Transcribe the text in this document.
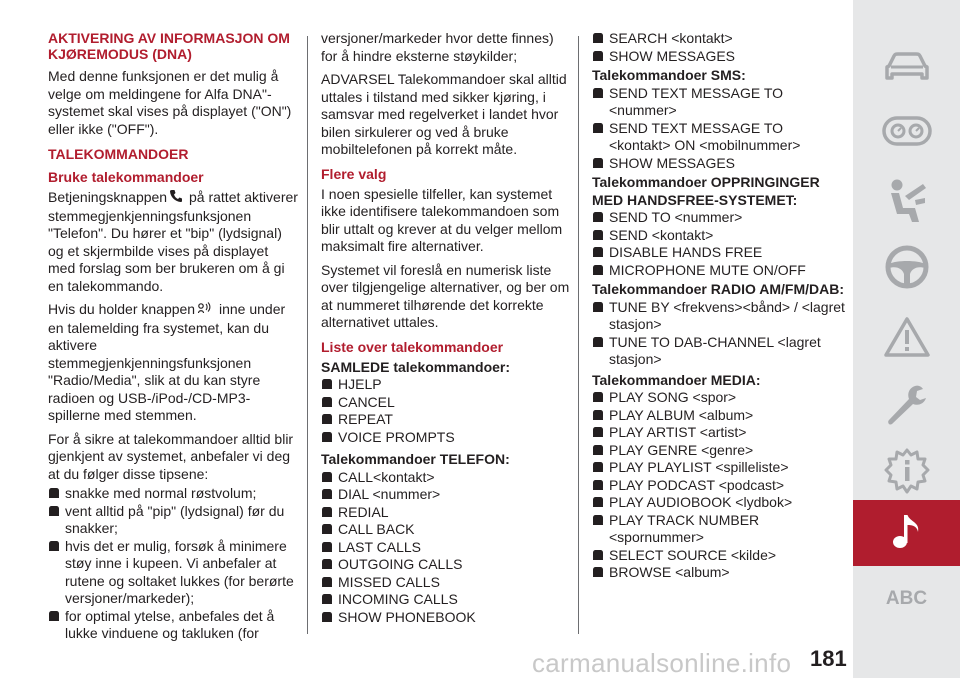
AKTIVERING AV INFORMASJON OM KJØREMODUS (DNA)
Med denne funksjonen er det mulig å velge om meldingene for Alfa DNA"-systemet skal vises på displayet ("ON") eller ikke ("OFF").
TALEKOMMANDOER
Bruke talekommandoer
Betjeningsknappen på rattet aktiverer stemmegjenkjenningsfunksjonen "Telefon". Du hører et "bip" (lydsignal) og et skjermbilde vises på displayet med forslag som ber brukeren om å gi en talekommando.
Hvis du holder knappen inne under en talemelding fra systemet, kan du aktivere stemmegjenkjenningsfunksjonen "Radio/Media", slik at du kan styre radioen og USB-/iPod-/CD-MP3-spillerne med stemmen.
For å sikre at talekommandoer alltid blir gjenkjent av systemet, anbefaler vi deg at du følger disse tipsene:
snakke med normal røstvolum;
vent alltid på "pip" (lydsignal) før du snakker;
hvis det er mulig, forsøk å minimere støy inne i kupeen. Vi anbefaler at rutene og soltaket lukkes (for berørte versjoner/markeder);
for optimal ytelse, anbefales det å lukke vinduene og takluken (for
versjoner/markeder hvor dette finnes) for å hindre eksterne støykilder;
ADVARSEL Talekommandoer skal alltid uttales i tilstand med sikker kjøring, i samsvar med regelverket i landet hvor bilen sirkulerer og ved å bruke mobiltelefonen på korrekt måte.
Flere valg
I noen spesielle tilfeller, kan systemet ikke identifisere talekommandoen som blir uttalt og krever at du velger mellom maksimalt fire alternativer.
Systemet vil foreslå en numerisk liste over tilgjengelige alternativer, og ber om at nummeret tilhørende det korrekte alternativet uttales.
Liste over talekommandoer
SAMLEDE talekommandoer:
HJELP
CANCEL
REPEAT
VOICE PROMPTS
Talekommandoer TELEFON:
CALL<kontakt>
DIAL <nummer>
REDIAL
CALL BACK
LAST CALLS
OUTGOING CALLS
MISSED CALLS
INCOMING CALLS
SHOW PHONEBOOK
SEARCH <kontakt>
SHOW MESSAGES
Talekommandoer SMS:
SEND TEXT MESSAGE TO <nummer>
SEND TEXT MESSAGE TO <kontakt> ON <mobilnummer>
SHOW MESSAGES
Talekommandoer OPPRINGINGER MED HANDSFREE-SYSTEMET:
SEND TO <nummer>
SEND <kontakt>
DISABLE HANDS FREE
MICROPHONE MUTE ON/OFF
Talekommandoer RADIO AM/FM/DAB:
TUNE BY <frekvens><bånd> / <lagret stasjon>
TUNE TO DAB-CHANNEL <lagret stasjon>
Talekommandoer MEDIA:
PLAY SONG <spor>
PLAY ALBUM <album>
PLAY ARTIST <artist>
PLAY GENRE <genre>
PLAY PLAYLIST <spilleliste>
PLAY PODCAST <podcast>
PLAY AUDIOBOOK <lydbok>
PLAY TRACK NUMBER <spornummer>
SELECT SOURCE <kilde>
BROWSE <album>
ABC
carmanualsonline.info 181
